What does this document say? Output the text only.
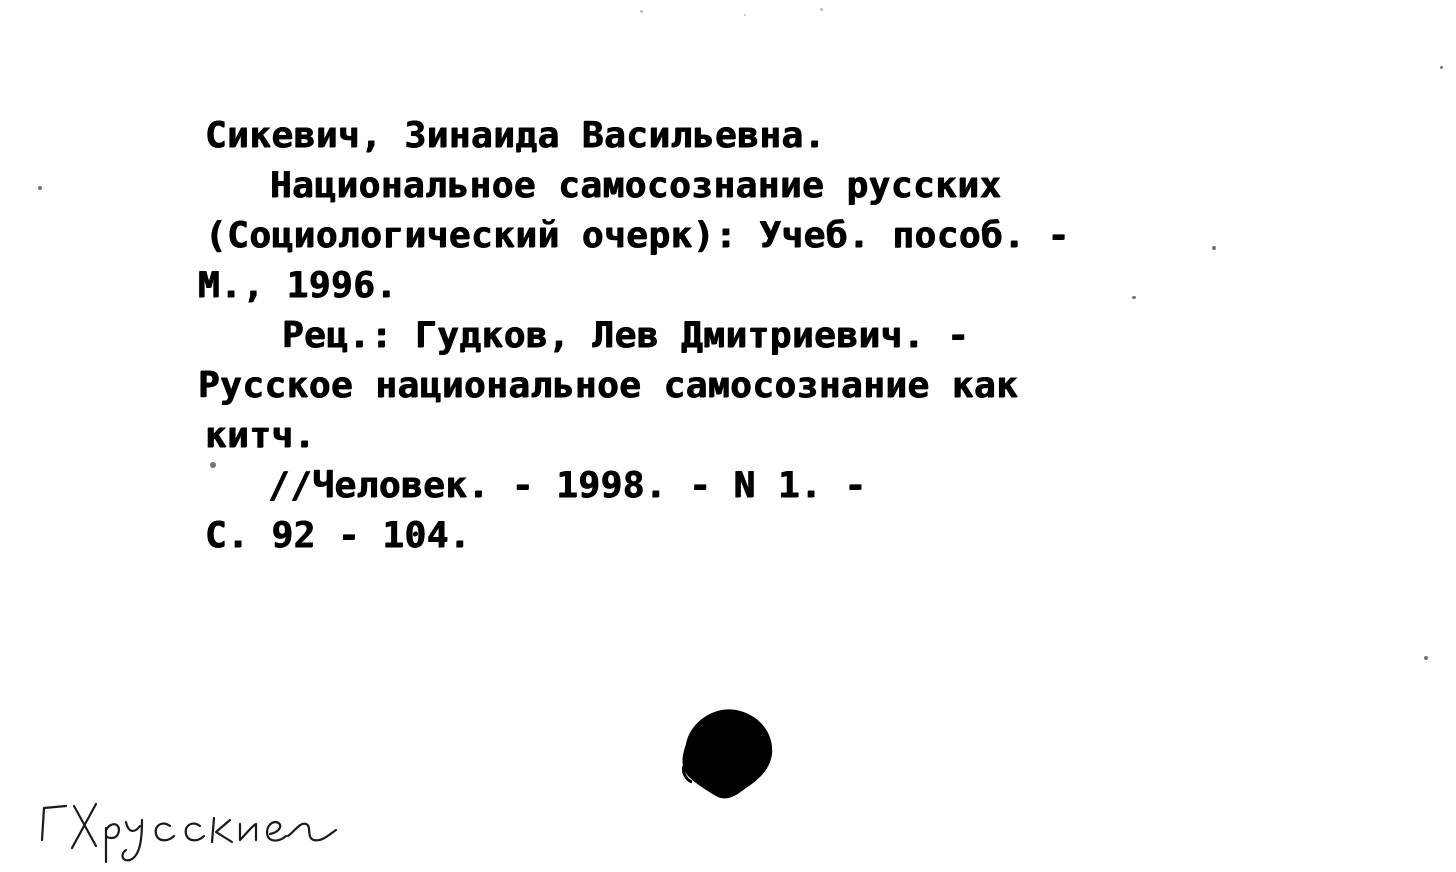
Сикевич, Зинаида Васильевна.

Национальное самосознание русских

(Социологический очерк): Учеб. пособ. -

М., 1996.

Рец.: Гудков, Лев Дмитриевич. -

Русское национальное самосознание как

китч.

//Человек. - 1998. - N 1. -

С. 92 - 104.
